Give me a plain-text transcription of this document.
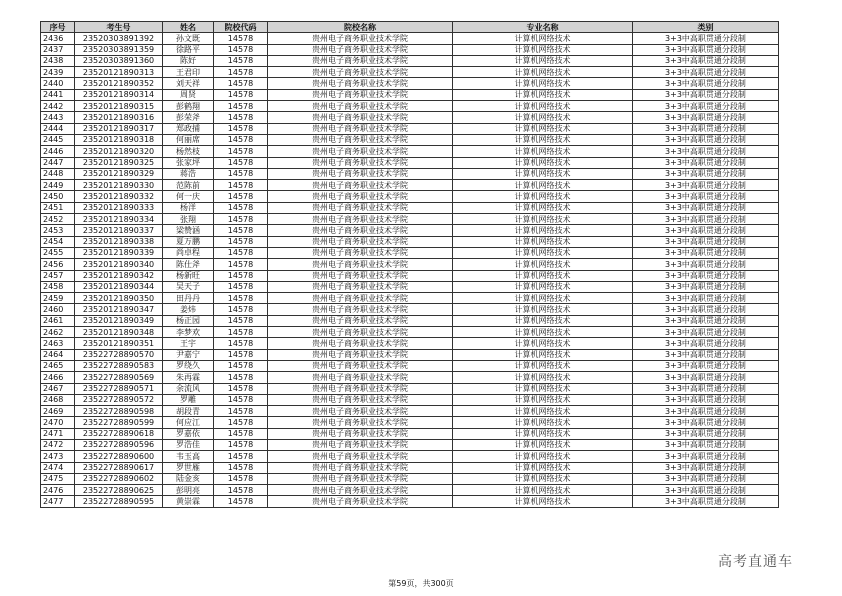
序号	考生号	姓名	院校代码	院校名称	专业名称	类别
2436	23520303891392	孙文既	14578	贵州电子商务职业技术学院	计算机网络技术	3+3中高职贯通分段制
2437	23520303891359	徐路平	14578	贵州电子商务职业技术学院	计算机网络技术	3+3中高职贯通分段制
2438	23520303891360	陈好	14578	贵州电子商务职业技术学院	计算机网络技术	3+3中高职贯通分段制
2439	23520121890313	王君印	14578	贵州电子商务职业技术学院	计算机网络技术	3+3中高职贯通分段制
2440	23520121890352	刘天祥	14578	贵州电子商务职业技术学院	计算机网络技术	3+3中高职贯通分段制
2441	23520121890314	周贤	14578	贵州电子商务职业技术学院	计算机网络技术	3+3中高职贯通分段制
2442	23520121890315	彭鹤翔	14578	贵州电子商务职业技术学院	计算机网络技术	3+3中高职贯通分段制
2443	23520121890316	彭荣斧	14578	贵州电子商务职业技术学院	计算机网络技术	3+3中高职贯通分段制
2444	23520121890317	郑政捕	14578	贵州电子商务职业技术学院	计算机网络技术	3+3中高职贯通分段制
2445	23520121890318	何丽席	14578	贵州电子商务职业技术学院	计算机网络技术	3+3中高职贯通分段制
2446	23520121890320	杨然枝	14578	贵州电子商务职业技术学院	计算机网络技术	3+3中高职贯通分段制
2447	23520121890325	张家坪	14578	贵州电子商务职业技术学院	计算机网络技术	3+3中高职贯通分段制
2448	23520121890329	蒋浩	14578	贵州电子商务职业技术学院	计算机网络技术	3+3中高职贯通分段制
2449	23520121890330	范陈前	14578	贵州电子商务职业技术学院	计算机网络技术	3+3中高职贯通分段制
2450	23520121890332	何一庆	14578	贵州电子商务职业技术学院	计算机网络技术	3+3中高职贯通分段制
2451	23520121890333	杨洋	14578	贵州电子商务职业技术学院	计算机网络技术	3+3中高职贯通分段制
2452	23520121890334	张翔	14578	贵州电子商务职业技术学院	计算机网络技术	3+3中高职贯通分段制
2453	23520121890337	梁赞涵	14578	贵州电子商务职业技术学院	计算机网络技术	3+3中高职贯通分段制
2454	23520121890338	夏万鹏	14578	贵州电子商务职业技术学院	计算机网络技术	3+3中高职贯通分段制
2455	23520121890339	尚卓程	14578	贵州电子商务职业技术学院	计算机网络技术	3+3中高职贯通分段制
2456	23520121890340	陈仕斧	14578	贵州电子商务职业技术学院	计算机网络技术	3+3中高职贯通分段制
2457	23520121890342	杨新旺	14578	贵州电子商务职业技术学院	计算机网络技术	3+3中高职贯通分段制
2458	23520121890344	吴天子	14578	贵州电子商务职业技术学院	计算机网络技术	3+3中高职贯通分段制
2459	23520121890350	田丹丹	14578	贵州电子商务职业技术学院	计算机网络技术	3+3中高职贯通分段制
2460	23520121890347	姜炜	14578	贵州电子商务职业技术学院	计算机网络技术	3+3中高职贯通分段制
2461	23520121890349	杨正园	14578	贵州电子商务职业技术学院	计算机网络技术	3+3中高职贯通分段制
2462	23520121890348	李梦欢	14578	贵州电子商务职业技术学院	计算机网络技术	3+3中高职贯通分段制
2463	23520121890351	王宇	14578	贵州电子商务职业技术学院	计算机网络技术	3+3中高职贯通分段制
2464	23522728890570	尹嘉宁	14578	贵州电子商务职业技术学院	计算机网络技术	3+3中高职贯通分段制
2465	23522728890583	罗绕久	14578	贵州电子商务职业技术学院	计算机网络技术	3+3中高职贯通分段制
2466	23522728890569	朱再霖	14578	贵州电子商务职业技术学院	计算机网络技术	3+3中高职贯通分段制
2467	23522728890571	余流风	14578	贵州电子商务职业技术学院	计算机网络技术	3+3中高职贯通分段制
2468	23522728890572	罗雕	14578	贵州电子商务职业技术学院	计算机网络技术	3+3中高职贯通分段制
2469	23522728890598	胡段青	14578	贵州电子商务职业技术学院	计算机网络技术	3+3中高职贯通分段制
2470	23522728890599	何应江	14578	贵州电子商务职业技术学院	计算机网络技术	3+3中高职贯通分段制
2471	23522728890618	罗嘉依	14578	贵州电子商务职业技术学院	计算机网络技术	3+3中高职贯通分段制
2472	23522728890596	罗浩佳	14578	贵州电子商务职业技术学院	计算机网络技术	3+3中高职贯通分段制
2473	23522728890600	韦玉高	14578	贵州电子商务职业技术学院	计算机网络技术	3+3中高职贯通分段制
2474	23522728890617	罗世雁	14578	贵州电子商务职业技术学院	计算机网络技术	3+3中高职贯通分段制
2475	23522728890602	陆金亥	14578	贵州电子商务职业技术学院	计算机网络技术	3+3中高职贯通分段制
2476	23522728890625	彭明亮	14578	贵州电子商务职业技术学院	计算机网络技术	3+3中高职贯通分段制
2477	23522728890595	黄崇霖	14578	贵州电子商务职业技术学院	计算机网络技术	3+3中高职贯通分段制
第59页，共300页
高考直通车
